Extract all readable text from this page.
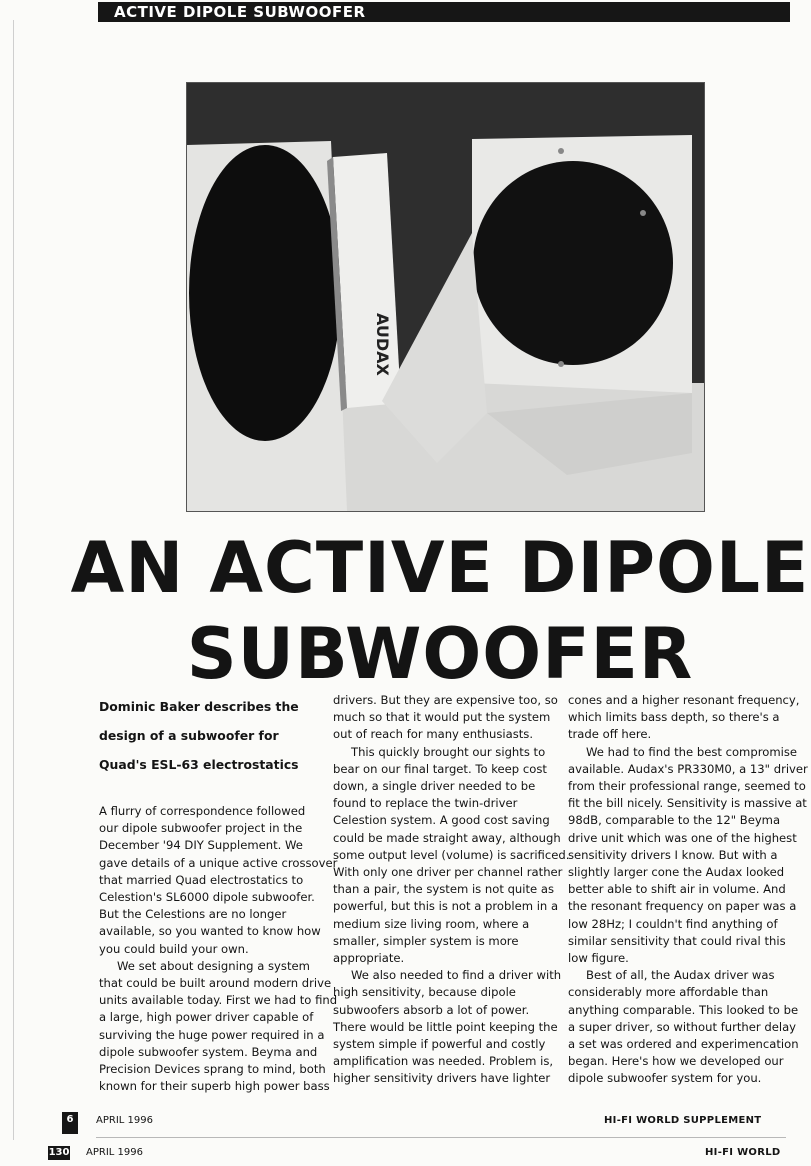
ACTIVE DIPOLE SUBWOOFER
AUDAX
AN ACTIVE DIPOLE
SUBWOOFER
Dominic Baker describes the
design of a subwoofer for
Quad's ESL-63 electrostatics

A flurry of correspondence followed

our dipole subwoofer project in the

December '94 DIY Supplement. We

gave details of a unique active crossover

that married Quad electrostatics to

Celestion's SL6000 dipole subwoofer.

But the Celestions are no longer

available, so you wanted to know how

you could build your own.

We set about designing a system

that could be built around modern drive

units available today. First we had to find

a large, high power driver capable of

surviving the huge power required in a

dipole subwoofer system. Beyma and

Precision Devices sprang to mind, both

known for their superb high power bass

drivers. But they are expensive too, so

much so that it would put the system

out of reach for many enthusiasts.

This quickly brought our sights to

bear on our final target. To keep cost

down, a single driver needed to be

found to replace the twin-driver

Celestion system. A good cost saving

could be made straight away, although

some output level (volume) is sacrificed.

With only one driver per channel rather

than a pair, the system is not quite as

powerful, but this is not a problem in a

medium size living room, where a

smaller, simpler system is more

appropriate.

We also needed to find a driver with

high sensitivity, because dipole

subwoofers absorb a lot of power.

There would be little point keeping the

system simple if powerful and costly

amplification was needed. Problem is,

higher sensitivity drivers have lighter

cones and a higher resonant frequency,

which limits bass depth, so there's a

trade off here.

We had to find the best compromise

available. Audax's PR330M0, a 13" driver

from their professional range, seemed to

fit the bill nicely. Sensitivity is massive at

98dB, comparable to the 12" Beyma

drive unit which was one of the highest

sensitivity drivers I know. But with a

slightly larger cone the Audax looked

better able to shift air in volume. And

the resonant frequency on paper was a

low 28Hz; I couldn't find anything of

similar sensitivity that could rival this

low figure.

Best of all, the Audax driver was

considerably more affordable than

anything comparable. This looked to be

a super driver, so without further delay

a set was ordered and experimencation

began. Here's how we developed our

dipole subwoofer system for you.

6	APRIL 1996	HI-FI WORLD SUPPLEMENT
130 APRIL 1996	HI-FI WORLD
